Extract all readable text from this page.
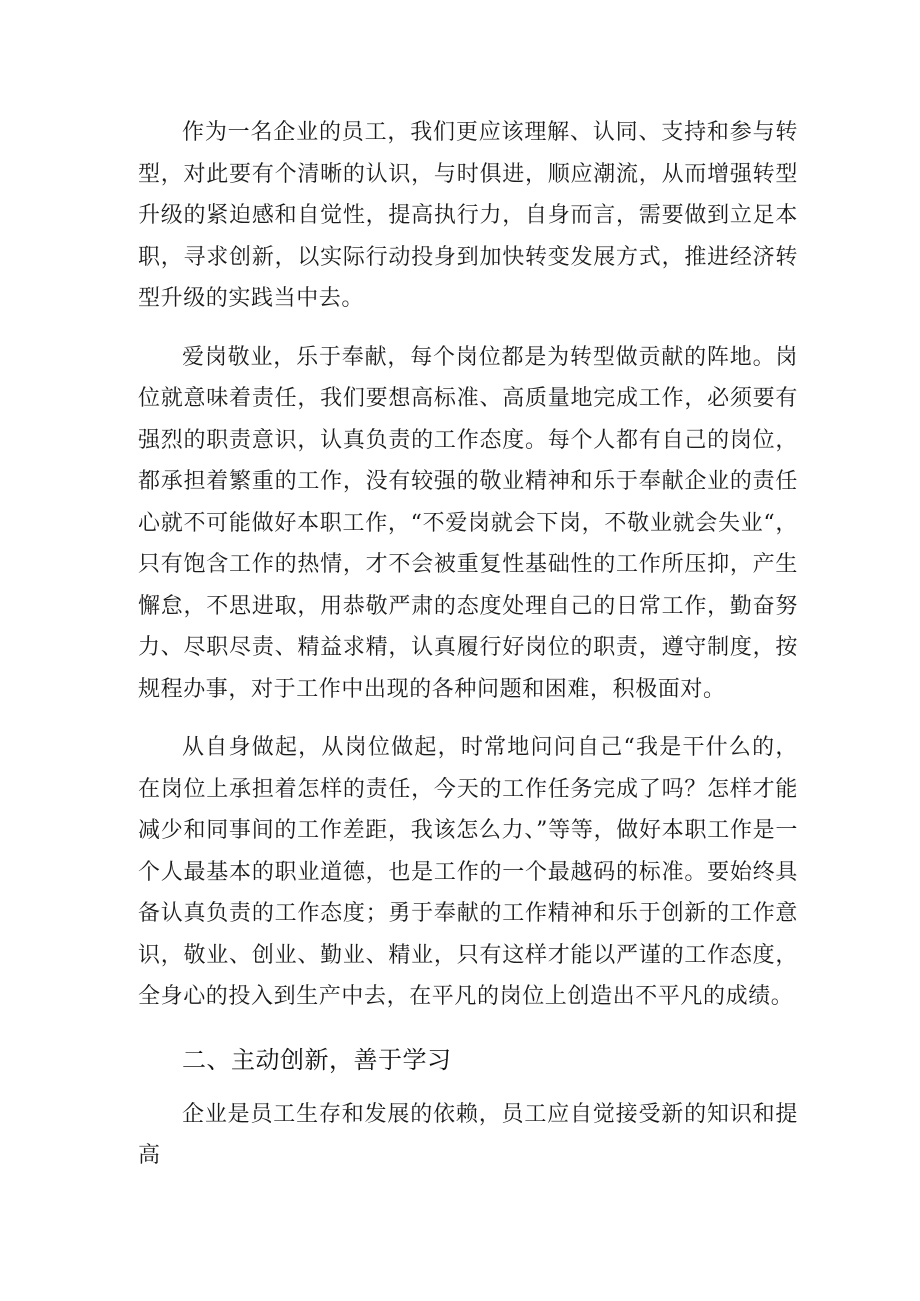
作为一名企业的员工，我们更应该理解、认同、支持和参与转型，对此要有个清晰的认识，与时俱进，顺应潮流，从而增强转型升级的紧迫感和自觉性，提高执行力，自身而言，需要做到立足本职，寻求创新，以实际行动投身到加快转变发展方式，推进经济转型升级的实践当中去。

爱岗敬业，乐于奉献，每个岗位都是为转型做贡献的阵地。岗位就意味着责任，我们要想高标准、高质量地完成工作，必须要有强烈的职责意识，认真负责的工作态度。每个人都有自己的岗位，都承担着繁重的工作，没有较强的敬业精神和乐于奉献企业的责任心就不可能做好本职工作，“不爱岗就会下岗，不敬业就会失业“，只有饱含工作的热情，才不会被重复性基础性的工作所压抑，产生懈怠，不思进取，用恭敬严肃的态度处理自己的日常工作，勤奋努力、尽职尽责、精益求精，认真履行好岗位的职责，遵守制度，按规程办事，对于工作中出现的各种问题和困难，积极面对。

从自身做起，从岗位做起，时常地问问自己“我是干什么的，在岗位上承担着怎样的责任，今天的工作任务完成了吗？怎样才能减少和同事间的工作差距，我该怎么力、”等等，做好本职工作是一个人最基本的职业道德，也是工作的一个最越码的标准。要始终具备认真负责的工作态度；勇于奉献的工作精神和乐于创新的工作意识，敬业、创业、勤业、精业，只有这样才能以严谨的工作态度，全身心的投入到生产中去，在平凡的岗位上创造出不平凡的成绩。

二、主动创新，善于学习

企业是员工生存和发展的依赖，员工应自觉接受新的知识和提高
